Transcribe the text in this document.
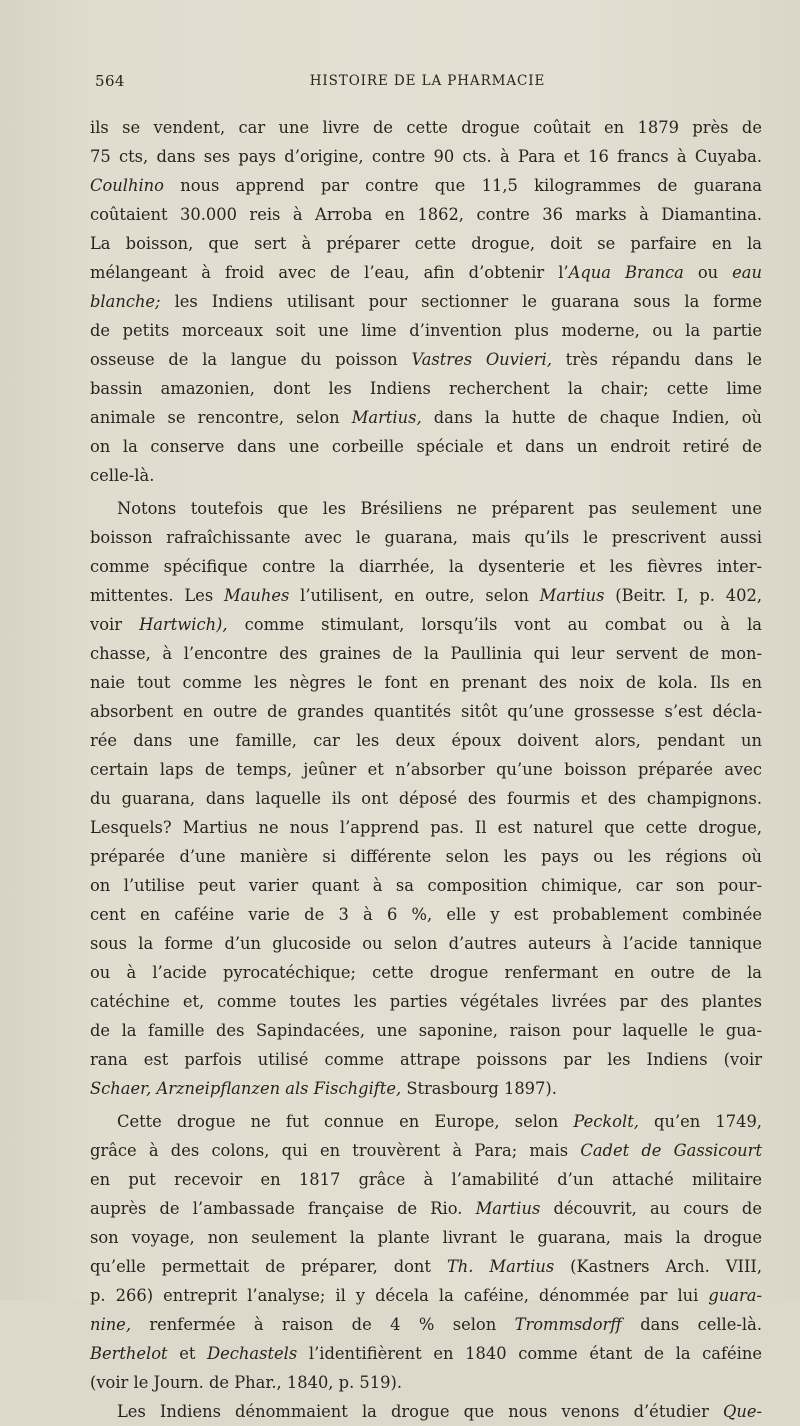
564	HISTOIRE DE LA PHARMACIE
ils se vendent, car une livre de cette drogue coûtait en 1879 près de
75 cts, dans ses pays d’origine, contre 90 cts. à Para et 16 francs à Cuyaba.
Coulhino nous apprend par contre que 11,5 kilogrammes de guarana
coûtaient 30.000 reis à Arroba en 1862, contre 36 marks à Diamantina.
La boisson, que sert à préparer cette drogue, doit se parfaire en la
mélangeant à froid avec de l’eau, afin d’obtenir l’Aqua Branca ou eau
blanche; les Indiens utilisant pour sectionner le guarana sous la forme
de petits morceaux soit une lime d’invention plus moderne, ou la partie
osseuse de la langue du poisson Vastres Ouvieri, très répandu dans le
bassin amazonien, dont les Indiens recherchent la chair; cette lime
animale se rencontre, selon Martius, dans la hutte de chaque Indien, où
on la conserve dans une corbeille spéciale et dans un endroit retiré de
celle-là.
Notons toutefois que les Brésiliens ne préparent pas seulement une
boisson rafraîchissante avec le guarana, mais qu’ils le prescrivent aussi
comme spécifique contre la diarrhée, la dysenterie et les fièvres inter-
mittentes. Les Mauhes l’utilisent, en outre, selon Martius (Beitr. I, p. 402,
voir Hartwich), comme stimulant, lorsqu’ils vont au combat ou à la
chasse, à l’encontre des graines de la Paullinia qui leur servent de mon-
naie tout comme les nègres le font en prenant des noix de kola. Ils en
absorbent en outre de grandes quantités sitôt qu’une grossesse s’est décla-
rée dans une famille, car les deux époux doivent alors, pendant un
certain laps de temps, jeûner et n’absorber qu’une boisson préparée avec
du guarana, dans laquelle ils ont déposé des fourmis et des champignons.
Lesquels? Martius ne nous l’apprend pas. Il est naturel que cette drogue,
préparée d’une manière si différente selon les pays ou les régions où
on l’utilise peut varier quant à sa composition chimique, car son pour-
cent en caféine varie de 3 à 6 %, elle y est probablement combinée
sous la forme d’un glucoside ou selon d’autres auteurs à l’acide tannique
ou à l’acide pyrocatéchique; cette drogue renfermant en outre de la
catéchine et, comme toutes les parties végétales livrées par des plantes
de la famille des Sapindacées, une saponine, raison pour laquelle le gua-
rana est parfois utilisé comme attrape poissons par les Indiens (voir
Schaer, Arzneipflanzen als Fischgifte, Strasbourg 1897).
Cette drogue ne fut connue en Europe, selon Peckolt, qu’en 1749,
grâce à des colons, qui en trouvèrent à Para; mais Cadet de Gassicourt
en put recevoir en 1817 grâce à l’amabilité d’un attaché militaire
auprès de l’ambassade française de Rio. Martius découvrit, au cours de
son voyage, non seulement la plante livrant le guarana, mais la drogue
qu’elle permettait de préparer, dont Th. Martius (Kastners Arch. VIII,
p. 266) entreprit l’analyse; il y décela la caféine, dénommée par lui guara-
nine, renfermée à raison de 4 % selon Trommsdorff dans celle-là.
Berthelot et Dechastels l’identifièrent en 1840 comme étant de la caféine
(voir le Journ. de Phar., 1840, p. 519).
Les Indiens dénommaient la drogue que nous venons d’étudier Que-
